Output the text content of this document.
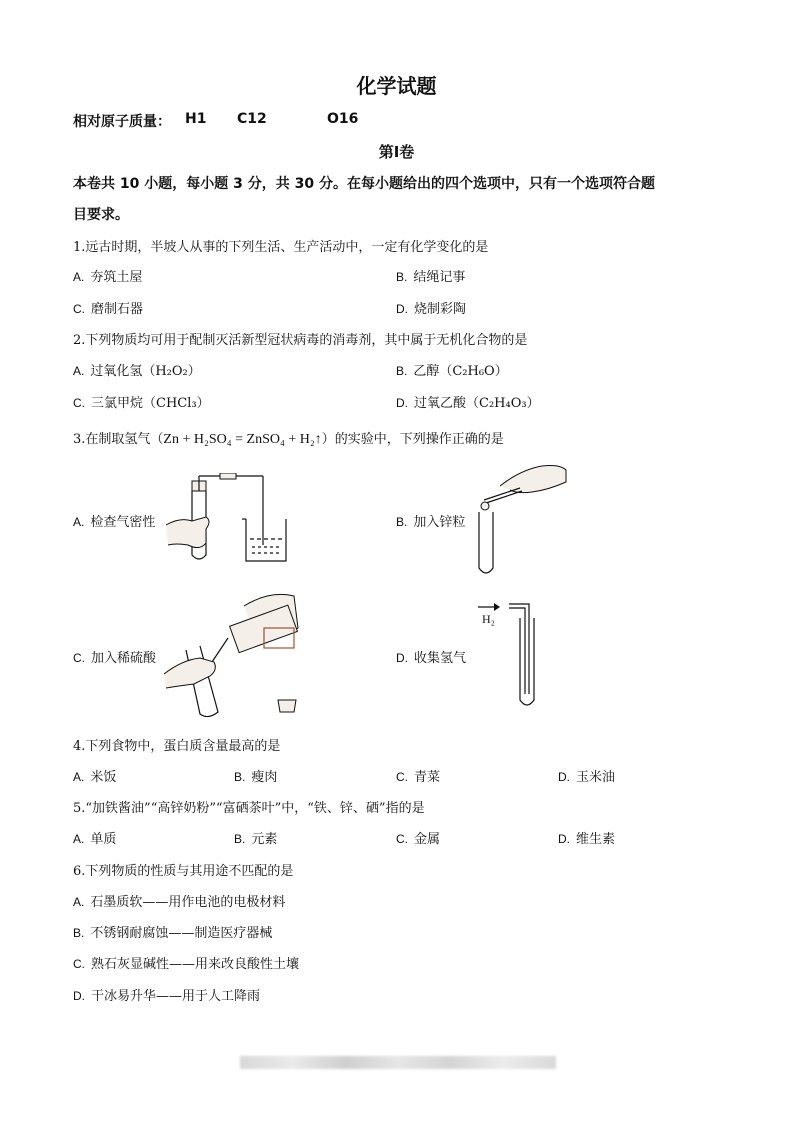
化学试题
相对原子质量： H1 C12	O16
第Ⅰ卷
本卷共 10 小题，每小题 3 分，共 30 分。在每小题给出的四个选项中，只有一个选项符合题
目要求。
1.远古时期，半坡人从事的下列生活、生产活动中，一定有化学变化的是
A. 夯筑土屋	B. 结绳记事
C. 磨制石器	D. 烧制彩陶
2.下列物质均可用于配制灭活新型冠状病毒的消毒剂，其中属于无机化合物的是
A. 过氧化氢（H₂O₂）	B. 乙醇（C₂H₆O）
C. 三氯甲烷（CHCl₃）	D. 过氧乙酸（C₂H₄O₃）
3.在制取氢气（Zn + H₂SO₄ = ZnSO₄ + H₂↑）的实验中，下列操作正确的是
A. 检查气密性	B. 加入锌粒
C. 加入稀硫酸	D. 收集氢气
H₂
4.下列食物中，蛋白质含量最高的是
A. 米饭	B. 瘦肉	C. 青菜	D. 玉米油
5.“加铁酱油”“高锌奶粉”“富硒茶叶”中，“铁、锌、硒”指的是
A. 单质	B. 元素	C. 金属	D. 维生素
6.下列物质的性质与其用途不匹配的是
A. 石墨质软——用作电池的电极材料
B. 不锈钢耐腐蚀——制造医疗器械
C. 熟石灰显碱性——用来改良酸性土壤
D. 干冰易升华——用于人工降雨
